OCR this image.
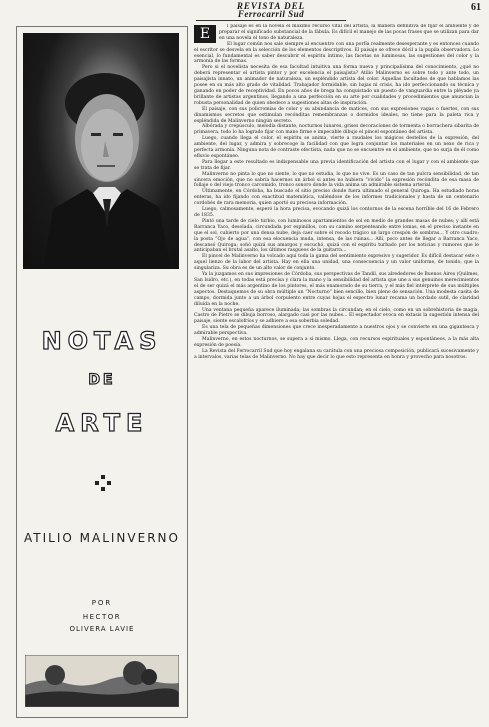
REVISTA DEL
Ferrocarril Sud
61
NOTAS
DE
ARTE
ATILIO MALINVERNO
POR
HECTOR
OLIVERA LAVIE
E	l paisaje es en la novela el máximo recurso vital del artista, la manera definitiva de fijar el ambiente y de preparar el significado substancial de la fábula. Es difícil el manejo de las pocas frases que se utilizan para dar en una novela el tono de naturaleza.

El lugar común nos sale siempre al encuentro con una porfía realmente desesperante y es entonces cuando el escritor se desvela en la selección de los elementos descriptivos. El paisaje se ofrece dócil a la pupila observadora. Lo esencial, lo fundamental es saber descubrir el espíritu íntimo, las facetas no luminosas, las sugestiones del color y la armonía de las formas.

Pero si el novelista necesita de esa facultad intuitiva una forma nueva y principalísima del conocimiento, ¿qué no deberá representar el artista pintor y por excelencia el paisajista? Atilio Malinverno es sobre todo y ante todo, un paisajista innato, un animador de naturaleza, un espléndido artista del color. Aquellas facultades de que hablamos las posee en su más alto grado de vitalidad. Trabajador formidable, sin bajas ni crisis, ha ido perfeccionando su técnica y ganando en poder de receptividad. En pocos años de brega ha conquistado un puesto de vanguardia entre la pléyade ya brillante de artistas argentinos, llegando a una perfección en su arte por cualidades y procedimientos que anuncian la robusta personalidad de quien obedece a sugestiones altas de inspiración.

El paisaje, con sus policromías de color y su abundancia de matices, con sus expresiones vagas o fuertes, con sus dinamismos secretos que estimulan recónditas remembranzas o dormidos ideales, no tiene para la paleta rica y espléndida de Malinverno ningún secreto.

Albórada y crepúsculo, melodía distante, nocturnos lunares, grises decoraciones de tormenta o borrachera sibarita de primavera, todo lo ha logrado fijar con mano firme e impecable dibujo el pincel espontáneo del artista.

Luego, cuando llega el color, el espíritu se anima, vierte a raudales los mágicos destellos de la expresión, del ambiente, del lugar, y admira y sobrecoge la facilidad con que logra conjuntar los materiales en un nexo de rica y perfecta armonía. Ninguna nota de contraste efectista, nada que no se encuentre en el ambiente, que no surja de él como efluvio espontáneo.

Para llegar a este resultado es indispensable una previa identificación del artista con el lugar y con el ambiente que se trata de fijar.

Malinverno no pinta lo que no siente, lo que no estudia, lo que no vive. Es un caso de tan pulcra sensibilidad, de tan sincera emoción, que no sabría hacernos un árbol si antes no hubiera “vivido” la expresión recóndita de esa masa de follaje o del viejo tronco carcomido, tronco sonoro donde la vida anima un admirable sistema arterial.

Últimamente, en Córdoba, ha buscado el sitio preciso donde fuera ultimado el general Quiroga. Ha estudiado horas enteras, ha ido fijando con exactitud matemática, valiéndose de los informes tradicionales y hasta de un centenario cordobés de rara memoria, quien aportó su preciosa información.

Luego, calmosamente, esperó la hora precisa, evocando quizá los contornos de la escena horrible del 16 de Febrero de 1835.

Pintó una tarde de cielo turbio, con luminosos apartamientos de sol en medio de grandes masas de nubes; y allí está Barranca Yaco, desolada, circundada por espinillos, con su camino serpenteando entre lomas, en el preciso instante en que el sol, cubierto por una densa nube, deja caer sobre el recodo trágico un largo crespón de sombras... Y otro cuadro: la posta “Ojo de agua”, con esa elocuencia muda, intensa, de las ruinas... Allí, poco antes de llegar a Barranca Yaco, descansó Quiroga; soñó quizá sus amargos y escuchó, quizá con el espíritu turbado por los noticias y rumores que le anticipaban el brutal asalto, los últimos rasgueos de la guitarra...

El pincel de Malinverno ha volcado aquí toda la gama del sentimiento expresivo y sugeridor. Es difícil destacar este o aquel lienzo de la labor del artista. Hay en ella una unidad, una consecuencia y un valor uniforme, de tonido, que la singulariza. Su obra es de un alto valor de conjunto.

Ya la juzgamos en sus impresiones de Córdoba, sus perspectivas de Tandil, sus alrededores de Buenos Aires (Quilmes, San Isidro, etc.), en todas está precisa y clara la mano y la sensibilidad del artista que une a sus genuinos merecimientos el de ser quizá el más argentino de los pintores, el más enamorado de su tierra, y el más fiel intérprete de sus múltiples aspectos. Destaquemos de su obra múltiple un “Nocturno” bien sencillo, bien pleno de sensación. Una modesta casita de campo, dormida junto a un árbol corpulento entre cuyas hojas el espectro lunar recama un bordado sutil, de claridad diluída en la noche.

Una ventana pequeña aparece iluminada; las sombras la circundan; en el cielo, como en un sobrehistoria de magia, Castro de Pietro se dibuja borroso, alargado casi por las nubes... El espectador evoca en éxtasis la sugestión intensa del paisaje, siente escalofríos y se adhiere a esa soberbia soledad.

Es una tela de pequeñas dimensiones que crece inesperadamente a nuestros ojos y se convierte en una gigantesca y admirable perspectiva.

Malinverno, en estos nocturnos, se supera a sí mismo. Llega, con recursos espirituales y espontáneos, a la más alta expresión de poesía.

La Revista del Ferrocarril Sud que hoy engalana su carátula con una preciosa composición, publicará sucesivamente y a intervalos, varias telas de Malinverno. No hay que decir lo que esto representa en honra y provecho para nosotros.
